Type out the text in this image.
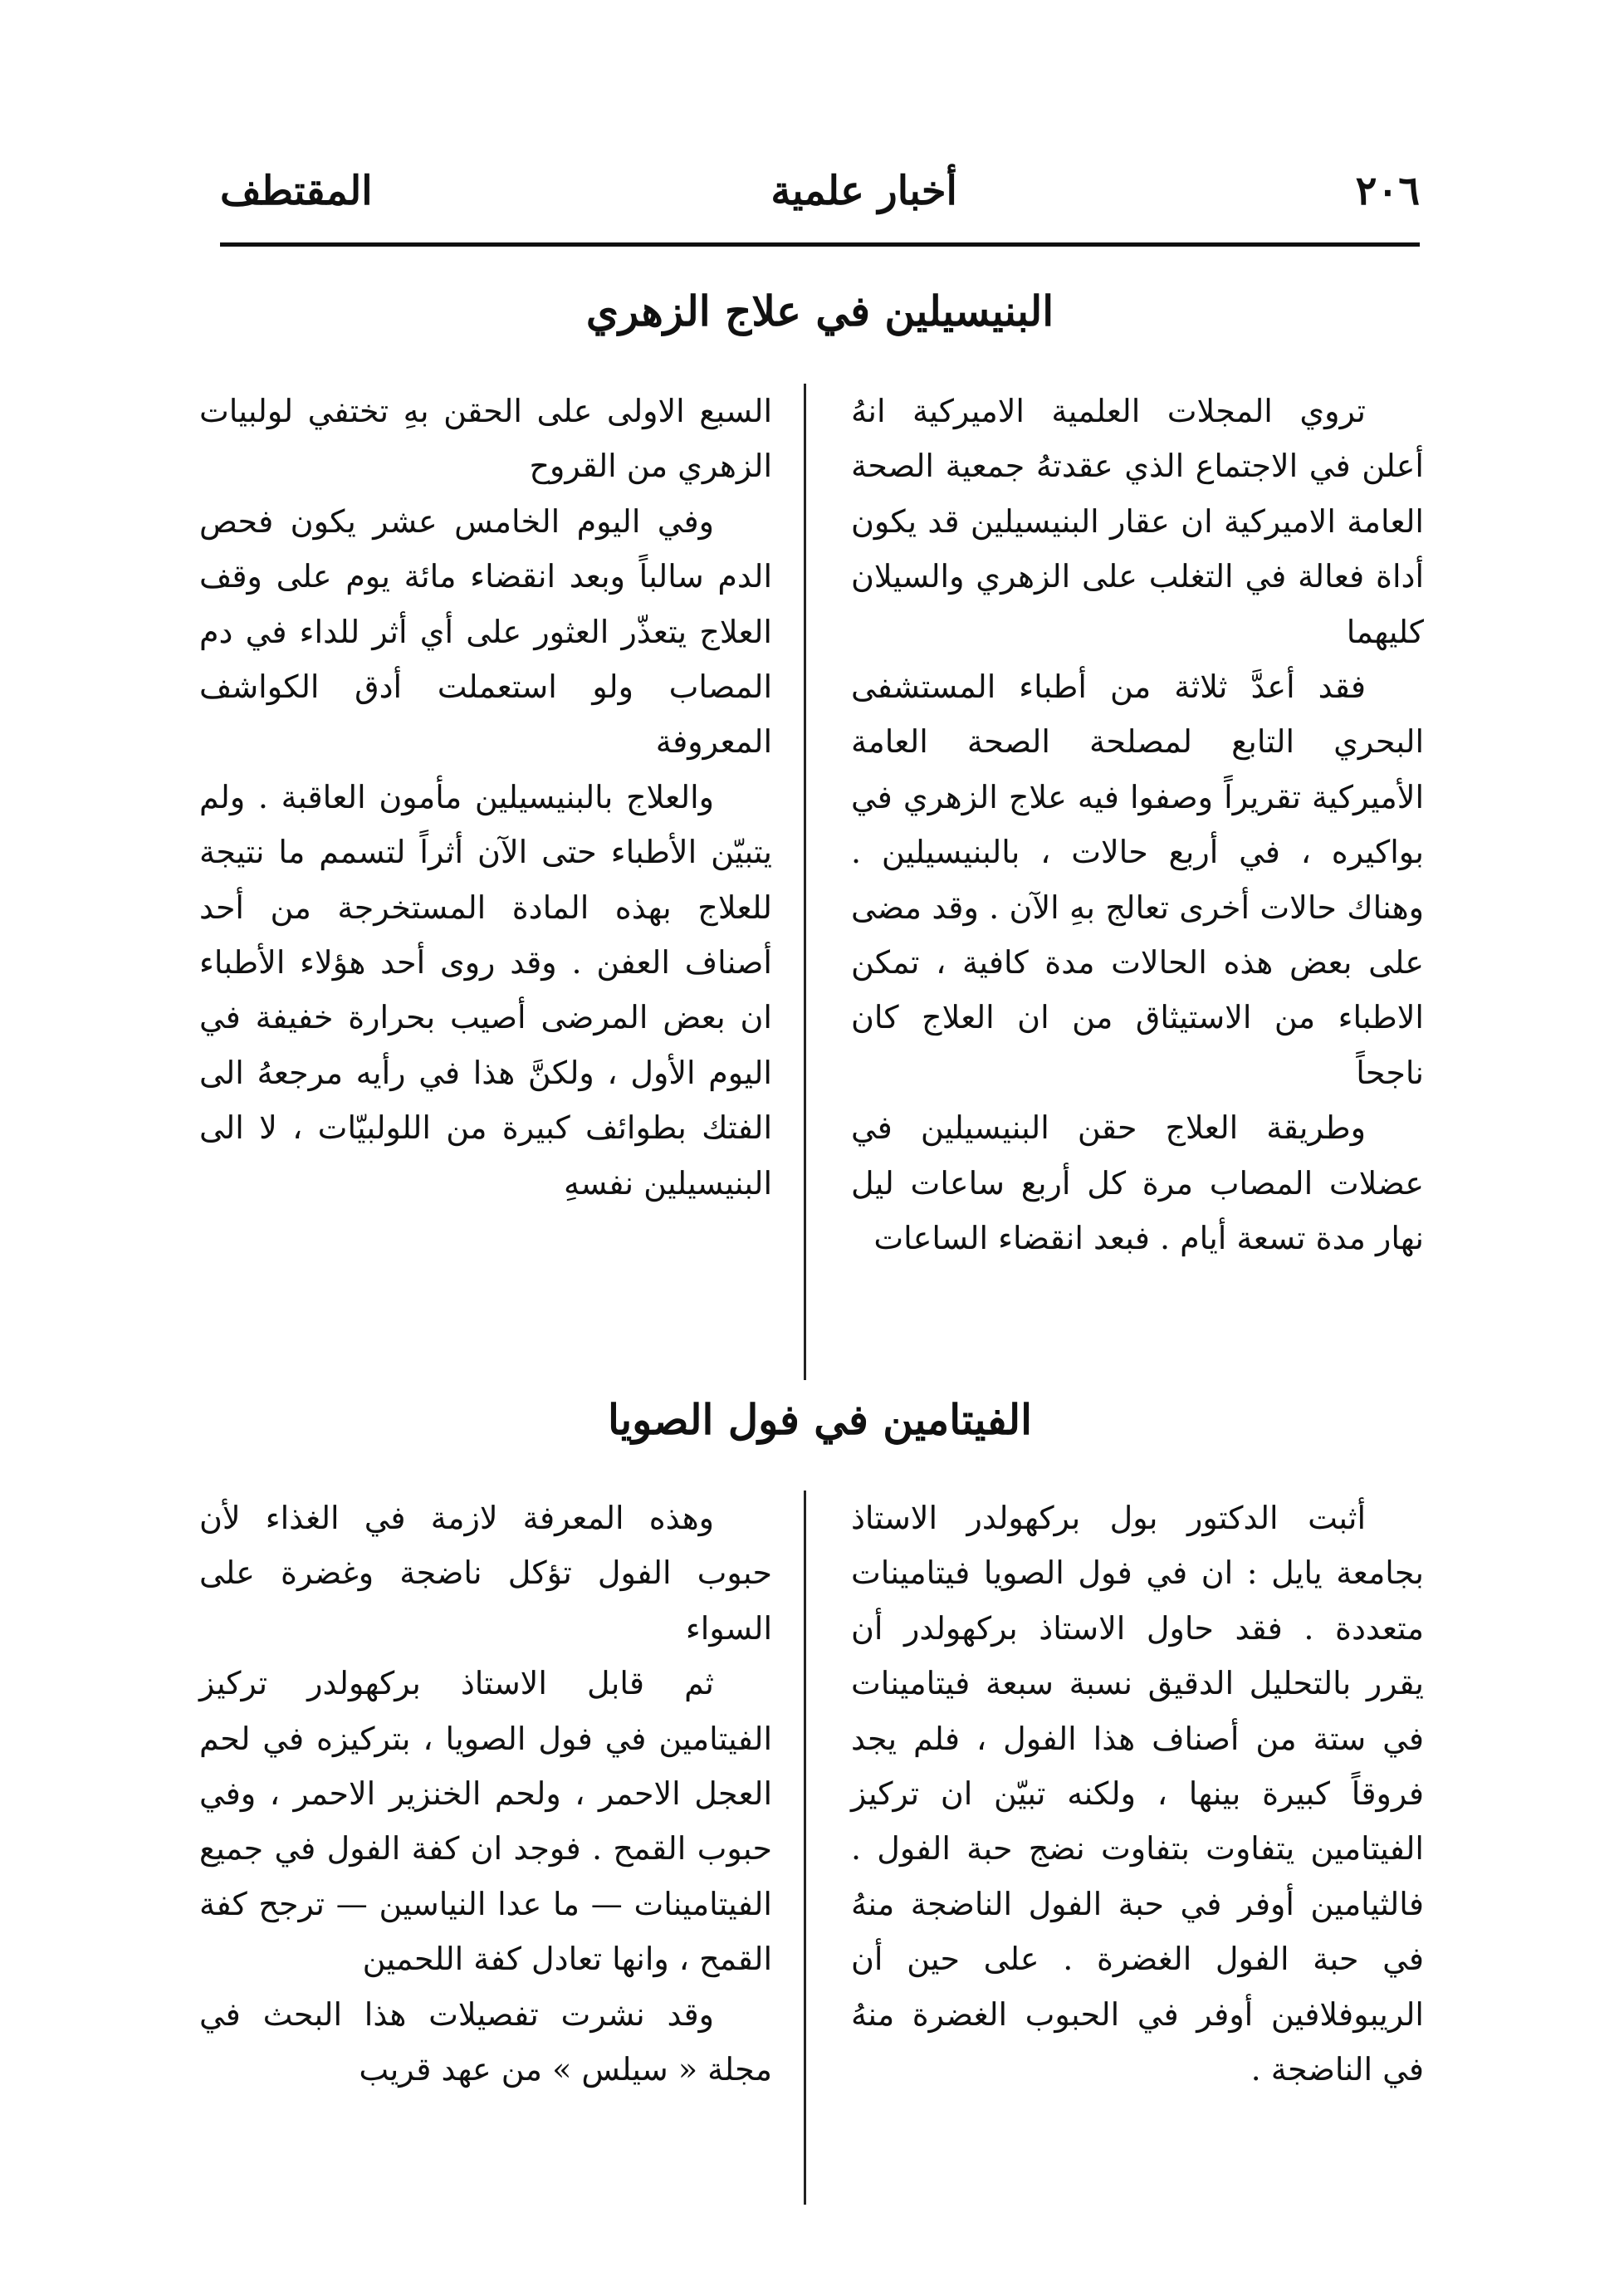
٢٠٦
أخبار علمية
المقتطف
البنيسيلين في علاج الزهري

تروي المجلات العلمية الاميركية انهُ أعلن في الاجتماع الذي عقدتهُ جمعية الصحة العامة الاميركية ان عقار البنيسيلين قد يكون أداة فعالة في التغلب على الزهري والسيلان كليهما

فقد أعدَّ ثلاثة من أطباء المستشفى البحري التابع لمصلحة الصحة العامة الأميركية تقريراً وصفوا فيه علاج الزهري في بواكيره ، في أربع حالات ، بالبنيسيلين . وهناك حالات أخرى تعالج بهِ الآن . وقد مضى على بعض هذه الحالات مدة كافية ، تمكن الاطباء من الاستيثاق من ان العلاج كان ناجحاً

وطريقة العلاج حقن البنيسيلين في عضلات المصاب مرة كل أربع ساعات ليل نهار مدة تسعة أيام . فبعد انقضاء الساعات

السبع الاولى على الحقن بهِ تختفي لولبيات الزهري من القروح

وفي اليوم الخامس عشر يكون فحص الدم سالباً وبعد انقضاء مائة يوم على وقف العلاج يتعذّر العثور على أي أثر للداء في دم المصاب ولو استعملت أدق الكواشف المعروفة

والعلاج بالبنيسيلين مأمون العاقبة . ولم يتبيّن الأطباء حتى الآن أثراً لتسمم ما نتيجة للعلاج بهذه المادة المستخرجة من أحد أصناف العفن . وقد روى أحد هؤلاء الأطباء ان بعض المرضى أصيب بحرارة خفيفة في اليوم الأول ، ولكنَّ هذا في رأيه مرجعهُ الى الفتك بطوائف كبيرة من اللولبيّات ، لا الى البنيسيلين نفسهِ

الفيتامين في فول الصويا

أثبت الدكتور بول بركهولدر الاستاذ بجامعة يايل : ان في فول الصويا فيتامينات متعددة . فقد حاول الاستاذ بركهولدر أن يقرر بالتحليل الدقيق نسبة سبعة فيتامينات في ستة من أصناف هذا الفول ، فلم يجد فروقاً كبيرة بينها ، ولكنه تبيّن ان تركيز الفيتامين يتفاوت بتفاوت نضج حبة الفول . فالثيامين أوفر في حبة الفول الناضجة منهُ في حبة الفول الغضرة . على حين أن الريبوفلافين أوفر في الحبوب الغضرة منهُ في الناضجة .

وهذه المعرفة لازمة في الغذاء لأن حبوب الفول تؤكل ناضجة وغضرة على السواء

ثم قابل الاستاذ بركهولدر تركيز الفيتامين في فول الصويا ، بتركيزه في لحم العجل الاحمر ، ولحم الخنزير الاحمر ، وفي حبوب القمح . فوجد ان كفة الفول في جميع الفيتامينات — ما عدا النياسين — ترجح كفة القمح ، وانها تعادل كفة اللحمين

وقد نشرت تفصيلات هذا البحث في مجلة « سيلس » من عهد قريب
